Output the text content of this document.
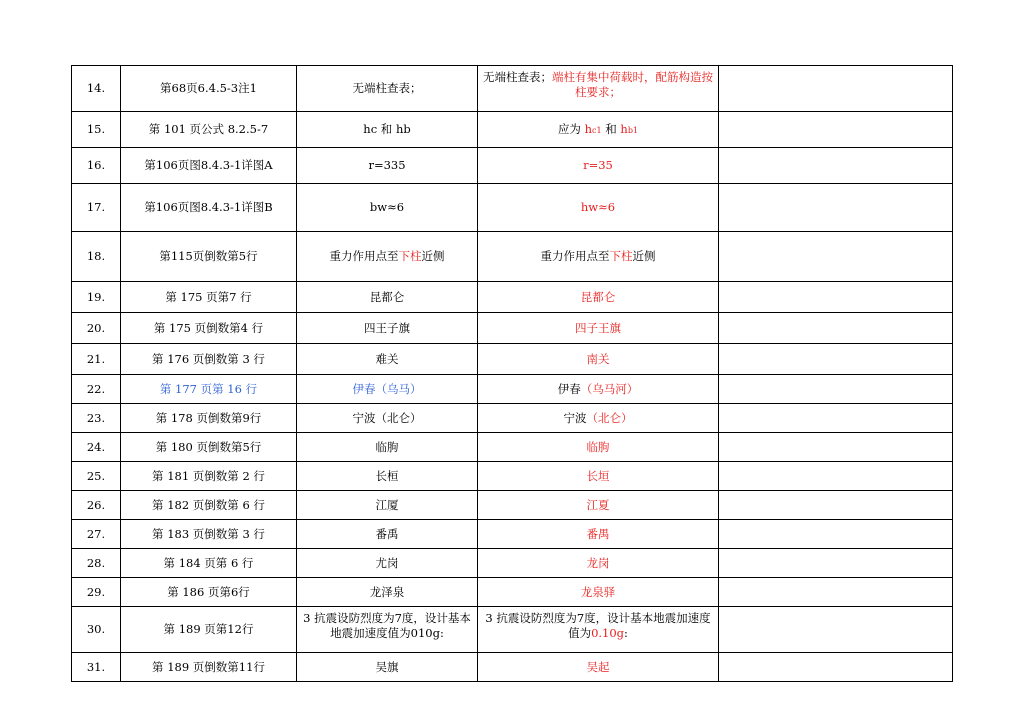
14.	第68页6.4.5-3注1	无端柱查表；	无端柱查表；端柱有集中荷载时，配筋构造按柱要求；	
15.	第 101 页公式 8.2.5-7	hc 和 hb	应为 hc1 和 hb1	
16.	第106页图8.4.3-1详图A	r=335	r=35	
17.	第106页图8.4.3-1详图B	bw≈6	hw≈6	
18.	第115页倒数第5行	重力作用点至下柱近侧	重力作用点至下柱近侧	
19.	第 175 页第7 行	昆都仑	昆都仑	
20.	第 175 页倒数第4 行	四王子旗	四子王旗	
21.	第 176 页倒数第 3 行	难关	南关	
22.	第 177 页第 16 行	伊春（乌马）	伊春（乌马河）	
23.	第 178 页倒数第9行	宁波（北仑）	宁波（北仑）	
24.	第 180 页倒数第5行	临朐	临朐	
25.	第 181 页倒数第 2 行	长桓	长垣	
26.	第 182 页倒数第 6 行	江厦	江夏	
27.	第 183 页倒数第 3 行	番禹	番禺	
28.	第 184 页第 6 行	尤岗	龙岗	
29.	第 186 页第6行	龙泽泉	龙泉驿	
30.	第 189 页第12行	3 抗震设防烈度为7度，设计基本地震加速度值为010g:	3 抗震设防烈度为7度，设计基本地震加速度值为0.10g:	
31.	第 189 页倒数第11行	吴旗	吴起	
